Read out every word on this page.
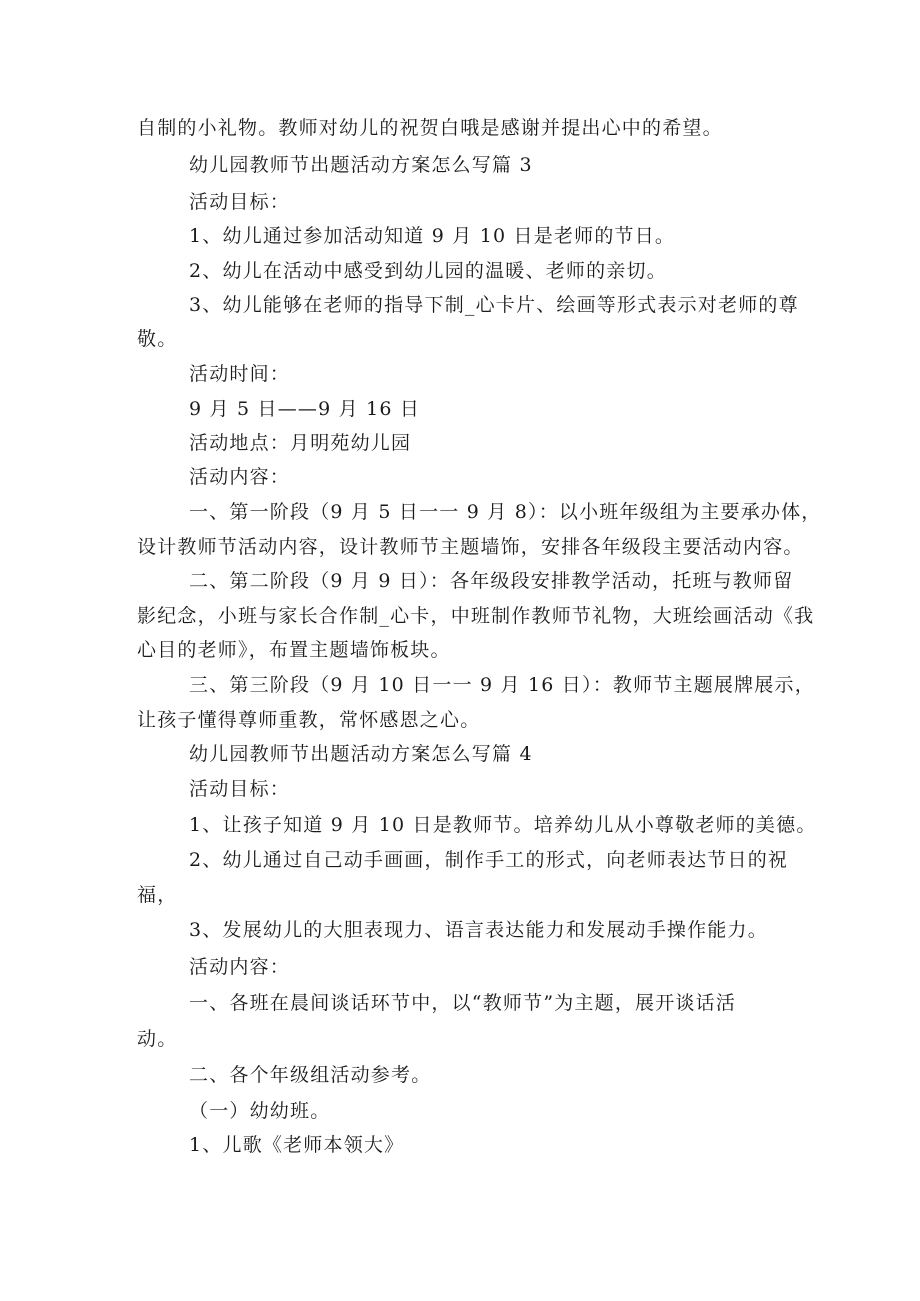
自制的小礼物。教师对幼儿的祝贺白哦是感谢并提出心中的希望。
幼儿园教师节出题活动方案怎么写篇 3
活动目标：
1、幼儿通过参加活动知道 9 月 10 日是老师的节日。
2、幼儿在活动中感受到幼儿园的温暖、老师的亲切。
3、幼儿能够在老师的指导下制_心卡片、绘画等形式表示对老师的尊
敬。
活动时间：
9 月 5 日——9 月 16 日
活动地点：月明苑幼儿园
活动内容：
一、第一阶段（9 月 5 日一一 9 月 8）：以小班年级组为主要承办体，
设计教师节活动内容，设计教师节主题墙饰，安排各年级段主要活动内容。
二、第二阶段（9 月 9 日）：各年级段安排教学活动，托班与教师留
影纪念，小班与家长合作制_心卡，中班制作教师节礼物，大班绘画活动《我
心目的老师》，布置主题墙饰板块。
三、第三阶段（9 月 10 日一一 9 月 16 日）：教师节主题展牌展示，
让孩子懂得尊师重教，常怀感恩之心。
幼儿园教师节出题活动方案怎么写篇 4
活动目标：
1、让孩子知道 9 月 10 日是教师节。培养幼儿从小尊敬老师的美德。
2、幼儿通过自己动手画画，制作手工的形式，向老师表达节日的祝
福，
3、发展幼儿的大胆表现力、语言表达能力和发展动手操作能力。
活动内容：
一、各班在晨间谈话环节中，以“教师节”为主题，展开谈话活
动。
二、各个年级组活动参考。
（一）幼幼班。
1、儿歌《老师本领大》
